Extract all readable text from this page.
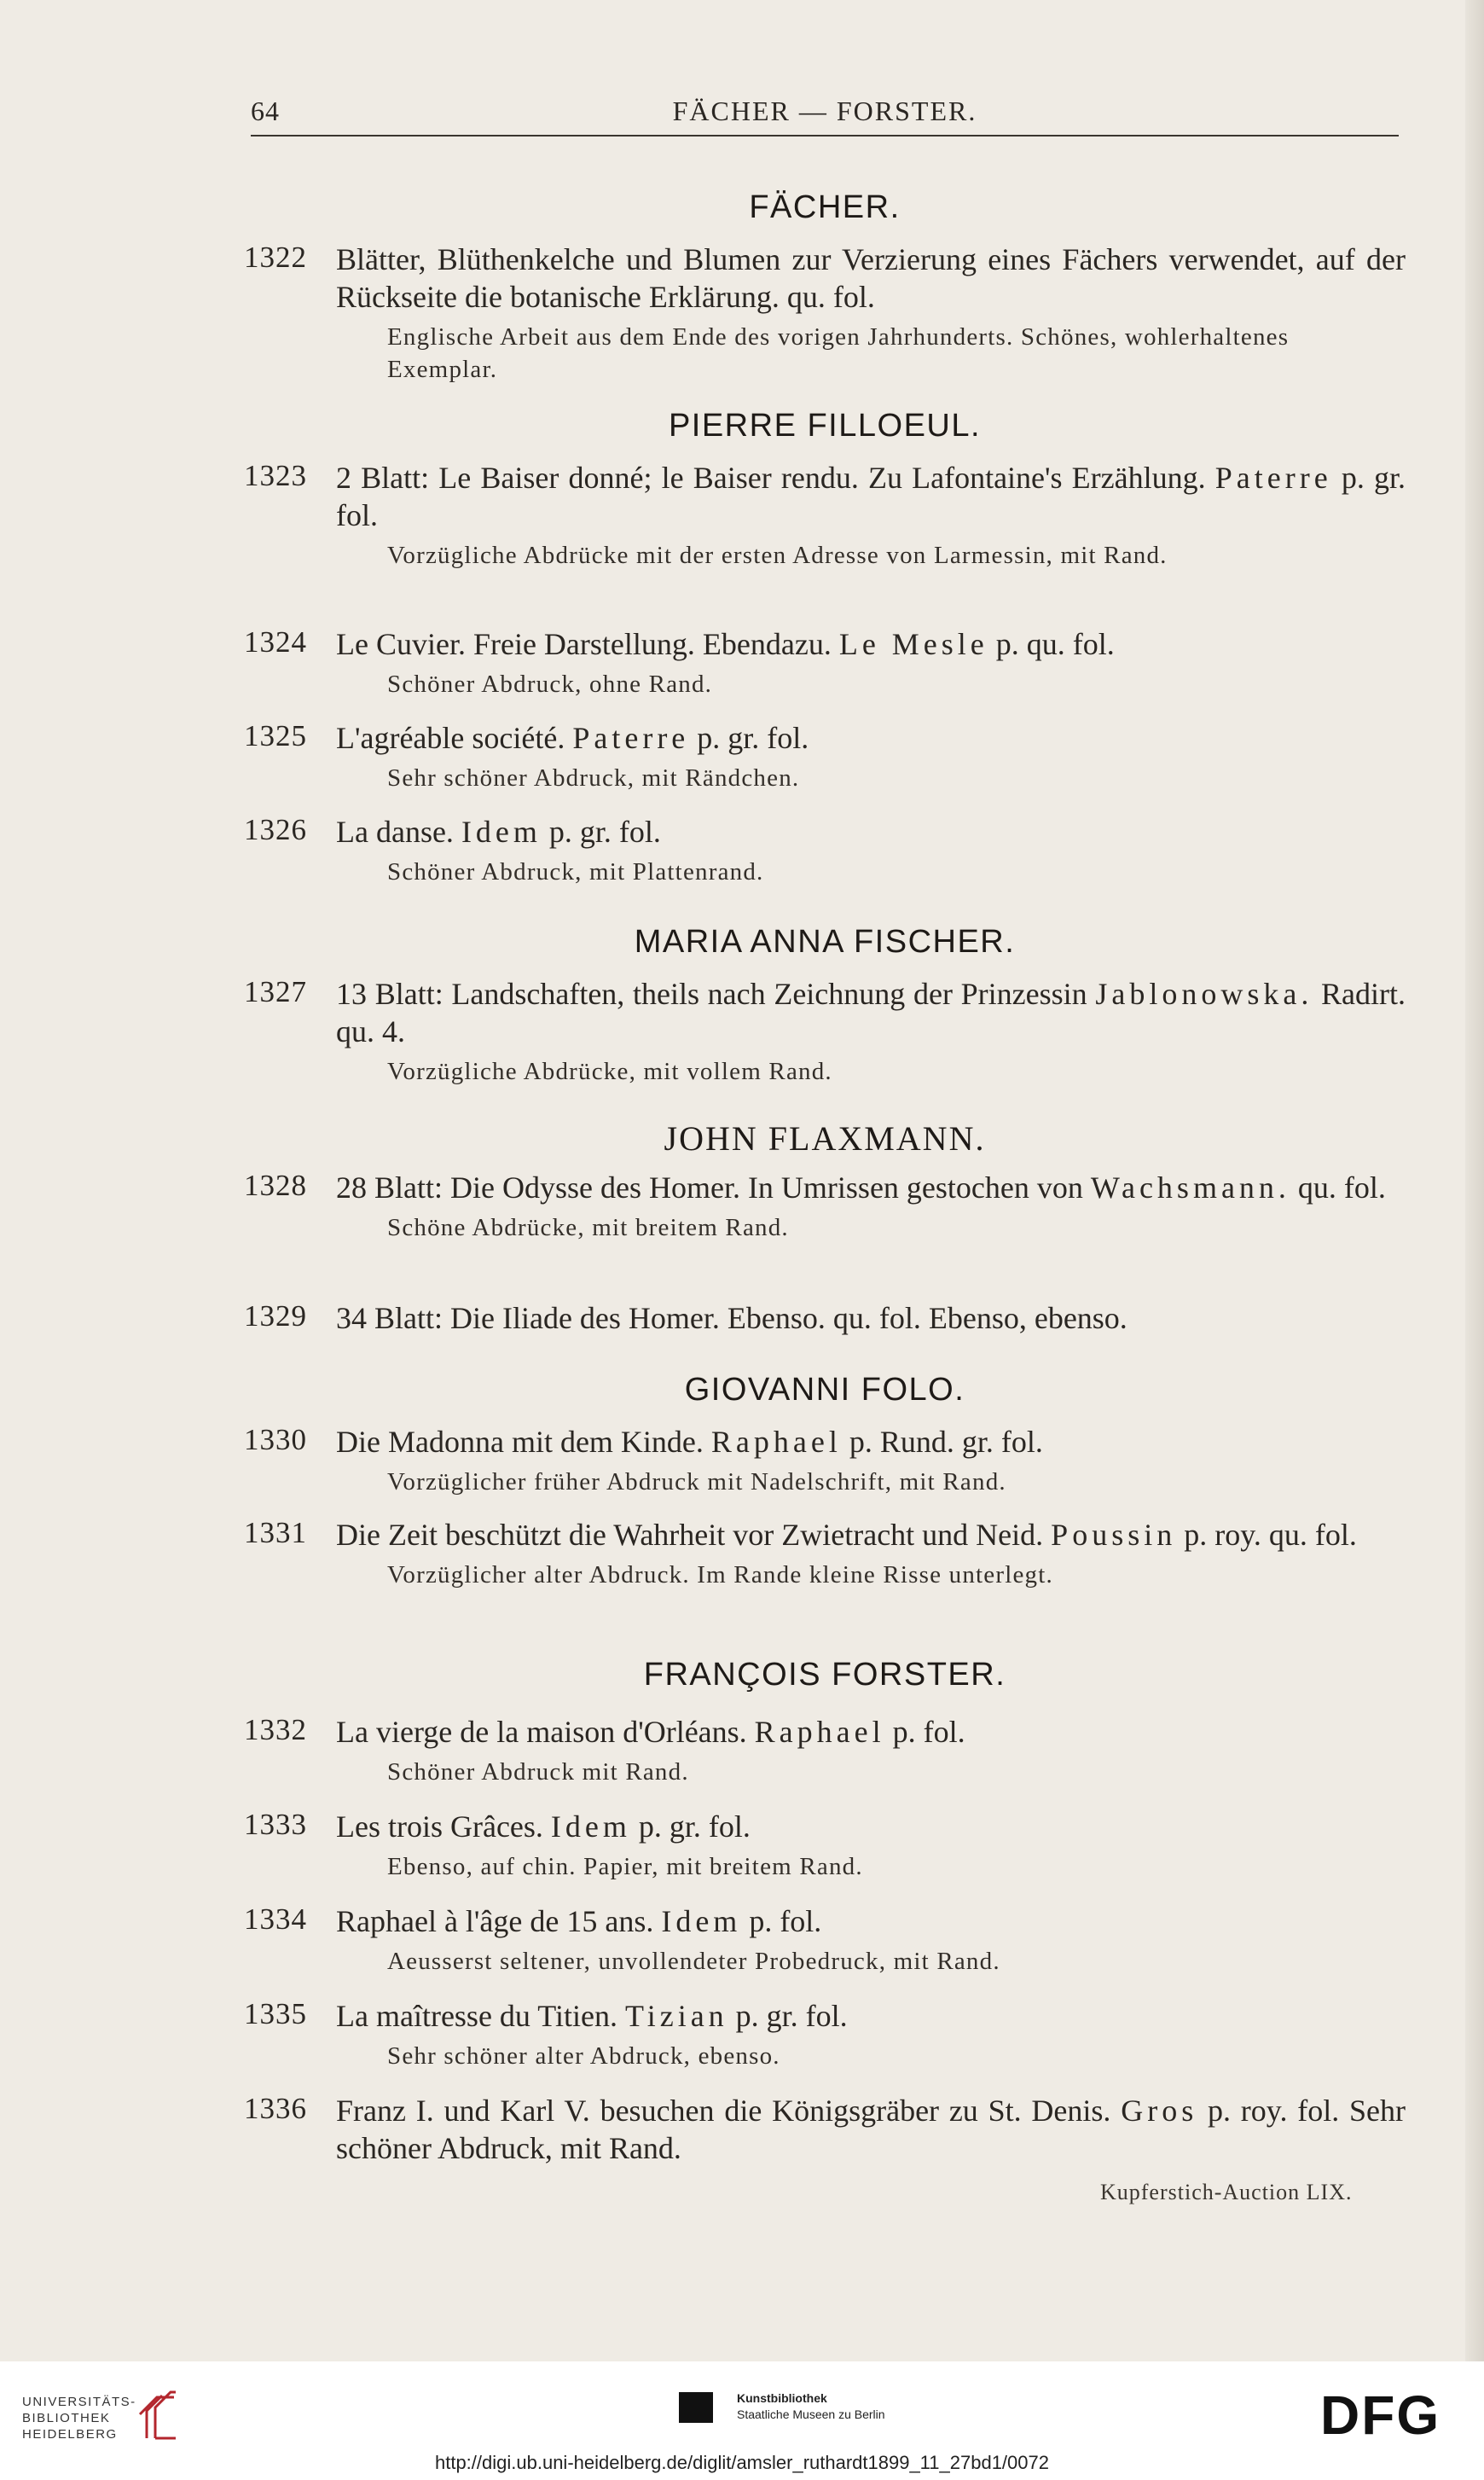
64	FÄCHER — FORSTER.
FÄCHER.
1322 Blätter, Blüthenkelche und Blumen zur Verzierung eines Fächers verwendet, auf der Rückseite die botanische Erklärung. qu. fol.
Englische Arbeit aus dem Ende des vorigen Jahrhunderts. Schönes, wohlerhaltenes Exemplar.
PIERRE FILLOEUL.
1323 2 Blatt: Le Baiser donné; le Baiser rendu. Zu Lafontaine's Erzählung. Paterre p. gr. fol.
Vorzügliche Abdrücke mit der ersten Adresse von Larmessin, mit Rand.
1324 Le Cuvier. Freie Darstellung. Ebendazu. Le Mesle p. qu. fol.
Schöner Abdruck, ohne Rand.
1325 L'agréable société. Paterre p. gr. fol.
Sehr schöner Abdruck, mit Rändchen.
1326 La danse. Idem p. gr. fol.
Schöner Abdruck, mit Plattenrand.
MARIA ANNA FISCHER.
1327 13 Blatt: Landschaften, theils nach Zeichnung der Prinzessin Jablonowska. Radirt. qu. 4.
Vorzügliche Abdrücke, mit vollem Rand.
JOHN FLAXMANN.
1328 28 Blatt: Die Odysse des Homer. In Umrissen gestochen von Wachsmann. qu. fol.
Schöne Abdrücke, mit breitem Rand.
1329 34 Blatt: Die Iliade des Homer. Ebenso. qu. fol. Ebenso, ebenso.
GIOVANNI FOLO.
1330 Die Madonna mit dem Kinde. Raphael p. Rund. gr. fol.
Vorzüglicher früher Abdruck mit Nadelschrift, mit Rand.
1331 Die Zeit beschützt die Wahrheit vor Zwietracht und Neid. Poussin p. roy. qu. fol.
Vorzüglicher alter Abdruck. Im Rande kleine Risse unterlegt.
FRANÇOIS FORSTER.
1332 La vierge de la maison d'Orléans. Raphael p. fol.
Schöner Abdruck mit Rand.
1333 Les trois Grâces. Idem p. gr. fol.
Ebenso, auf chin. Papier, mit breitem Rand.
1334 Raphael à l'âge de 15 ans. Idem p. fol.
Aeusserst seltener, unvollendeter Probedruck, mit Rand.
1335 La maîtresse du Titien. Tizian p. gr. fol.
Sehr schöner alter Abdruck, ebenso.
1336 Franz I. und Karl V. besuchen die Königsgräber zu St. Denis. Gros p. roy. fol. Sehr schöner Abdruck, mit Rand.
Kupferstich-Auction LIX.
UNIVERSITÄTS-
BIBLIOTHEK
HEIDELBERG
Kunstbibliothek
Staatliche Museen zu Berlin	DFG
http://digi.ub.uni-heidelberg.de/diglit/amsler_ruthardt1899_11_27bd1/0072
